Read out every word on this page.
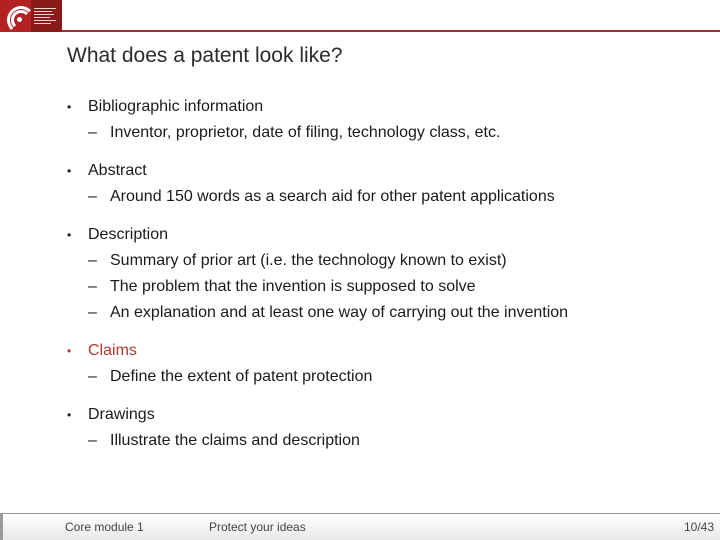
What does a patent look like?
• Bibliographic information
– Inventor, proprietor, date of filing, technology class, etc.
• Abstract
– Around 150 words as a search aid for other patent applications
• Description
– Summary of prior art (i.e. the technology known to exist)
– The problem that the invention is supposed to solve
– An explanation and at least one way of carrying out the invention
• Claims
– Define the extent of patent protection
• Drawings
– Illustrate the claims and description
Core module 1	Protect your ideas	10/43
